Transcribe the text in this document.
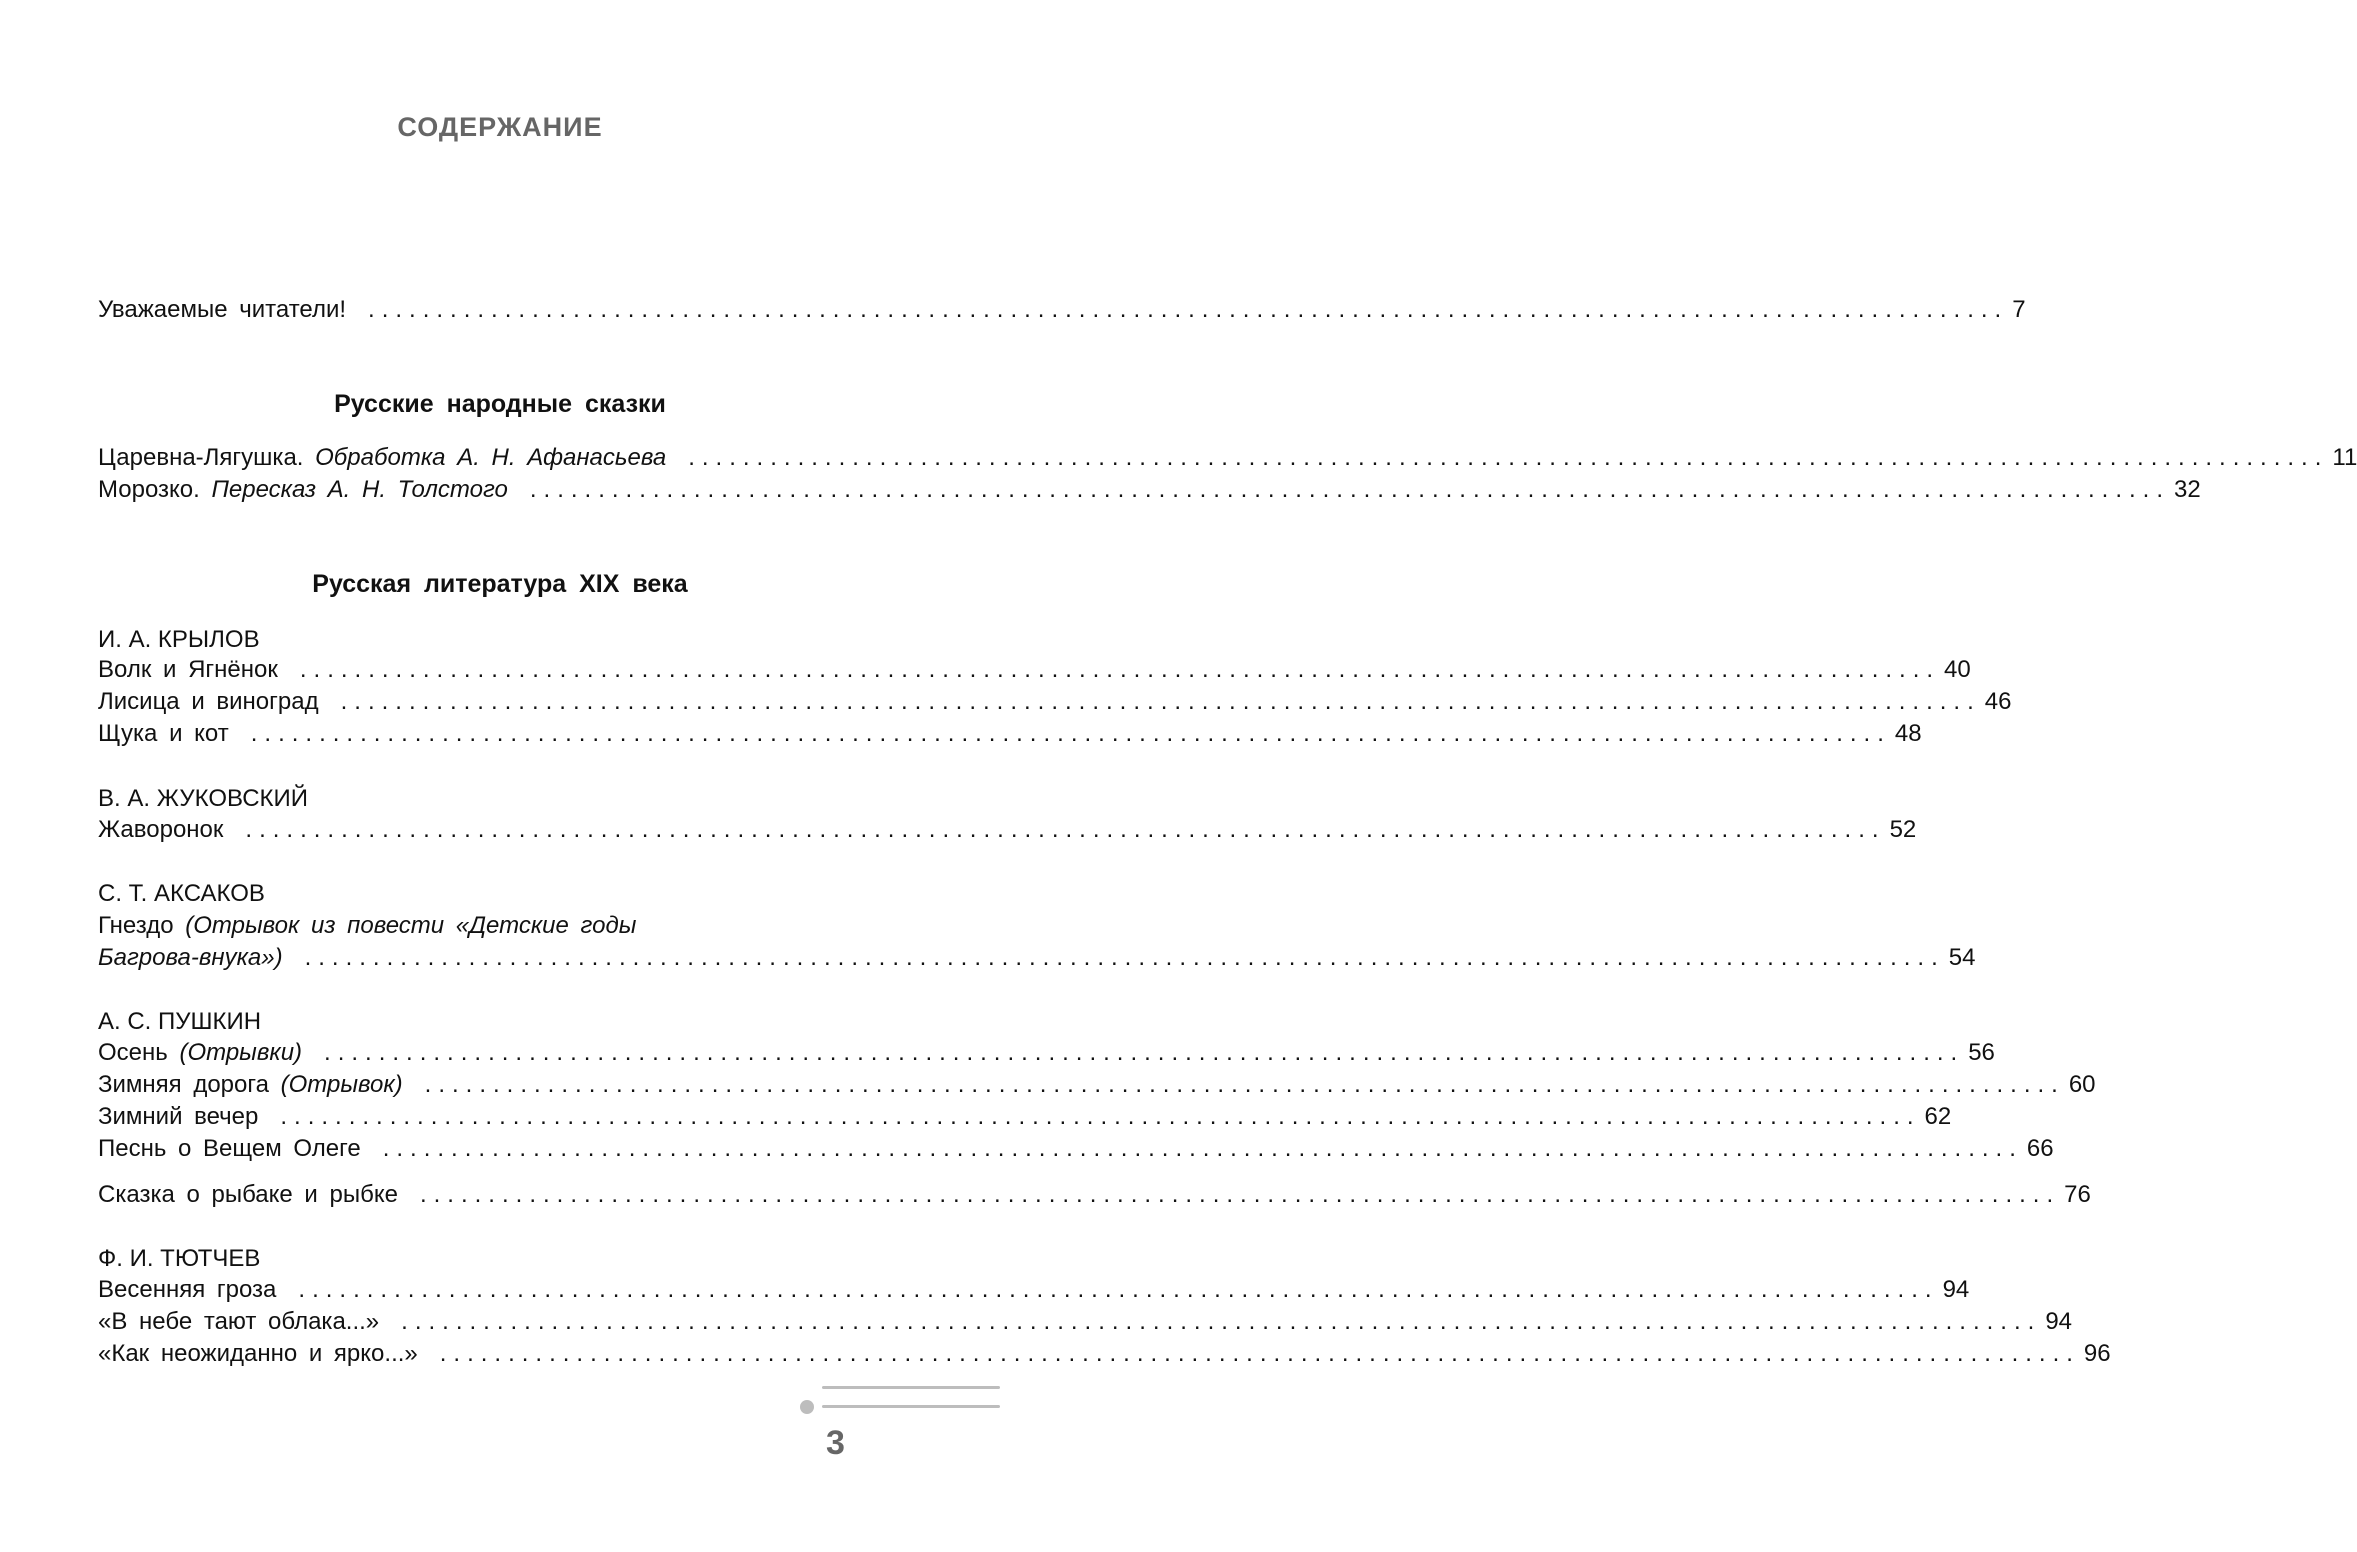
СОДЕРЖАНИЕ
Уважаемые читатели! ........................................................................................................................ 7
Русские народные сказки
Царевна-Лягушка. Обработка А. Н. Афанасьева ........................................................................................................................ 11
Морозко. Пересказ А. Н. Толстого ........................................................................................................................ 32
Русская литература XIX века
И. А. КРЫЛОВ
Волк и Ягнёнок ........................................................................................................................ 40
Лисица и виноград ........................................................................................................................ 46
Щука и кот ........................................................................................................................ 48
В. А. ЖУКОВСКИЙ
Жаворонок ........................................................................................................................ 52
С. Т. АКСАКОВ
Гнездо (Отрывок из повести «Детские годы
Багрова-внука») ........................................................................................................................ 54
А. С. ПУШКИН
Осень (Отрывки) ........................................................................................................................ 56
Зимняя дорога (Отрывок) ........................................................................................................................ 60
Зимний вечер ........................................................................................................................ 62
Песнь о Вещем Олеге ........................................................................................................................ 66
Сказка о рыбаке и рыбке ........................................................................................................................ 76
Ф. И. ТЮТЧЕВ
Весенняя гроза ........................................................................................................................ 94
«В небе тают облака...» ........................................................................................................................ 94
«Как неожиданно и ярко...» ........................................................................................................................ 96
3
